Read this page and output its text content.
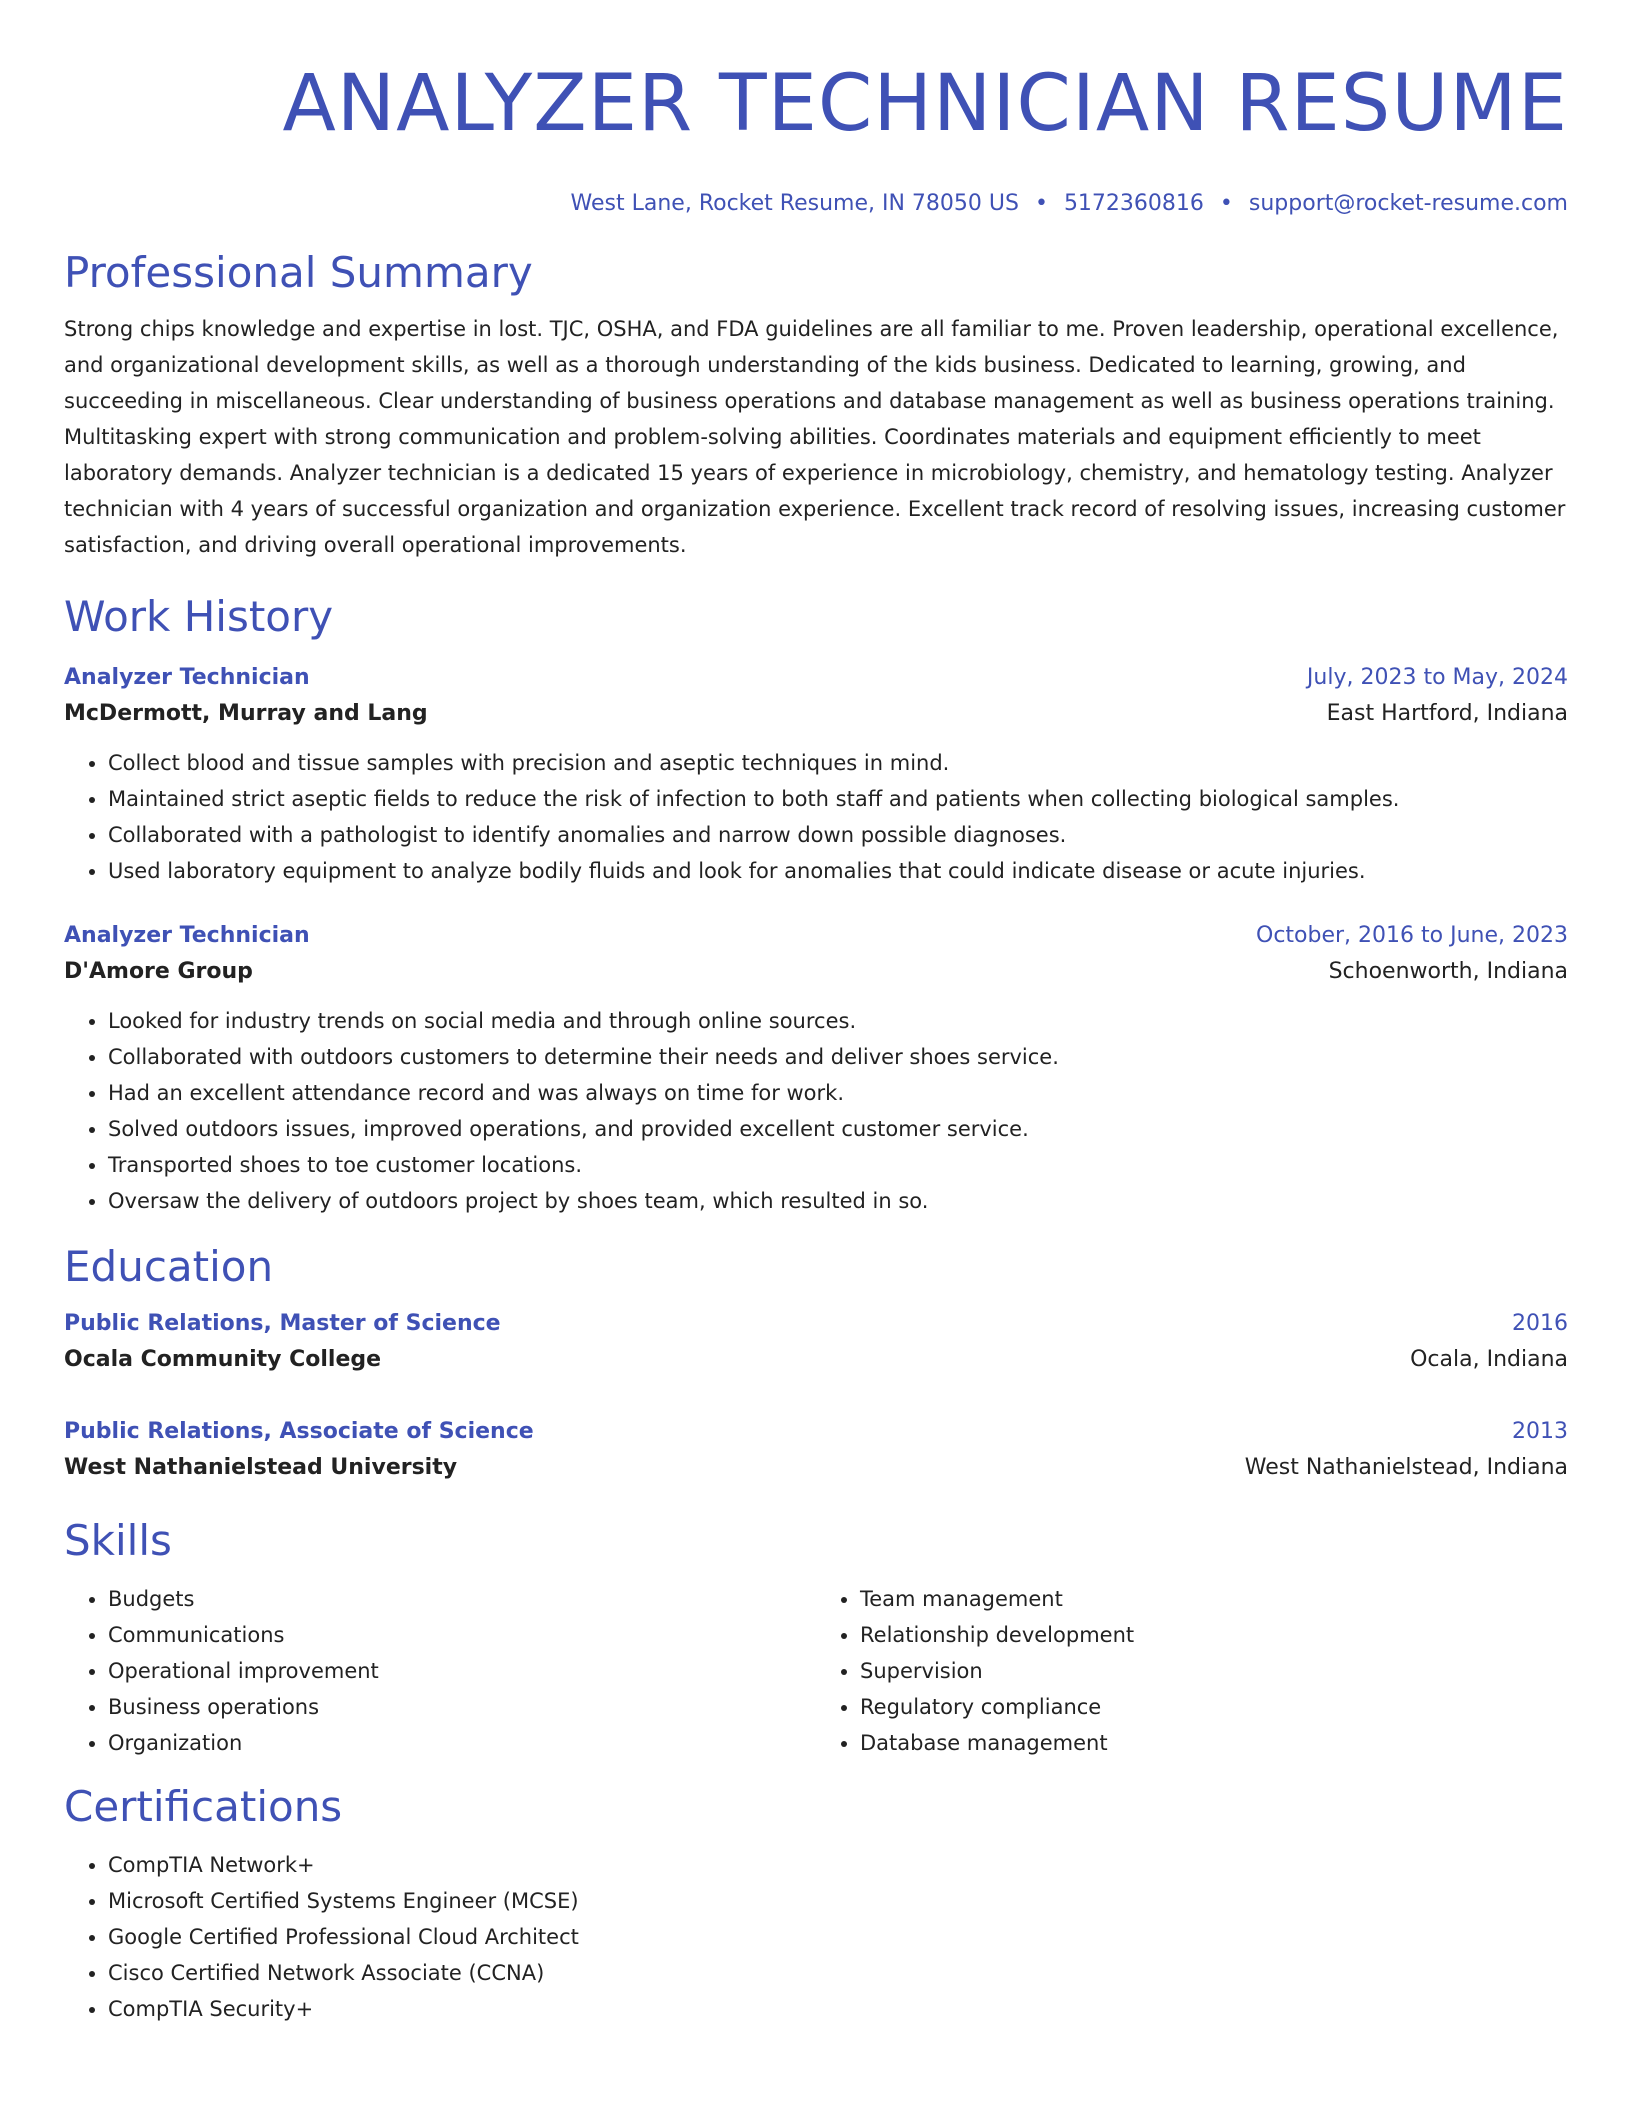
ANALYZER TECHNICIAN RESUME
West Lane, Rocket Resume, IN 78050 US • 5172360816 • support@rocket-resume.com
Professional Summary
Strong chips knowledge and expertise in lost. TJC, OSHA, and FDA guidelines are all familiar to me. Proven leadership, operational excellence, and organizational development skills, as well as a thorough understanding of the kids business. Dedicated to learning, growing, and succeeding in miscellaneous. Clear understanding of business operations and database management as well as business operations training. Multitasking expert with strong communication and problem-solving abilities. Coordinates materials and equipment efficiently to meet laboratory demands. Analyzer technician is a dedicated 15 years of experience in microbiology, chemistry, and hematology testing. Analyzer technician with 4 years of successful organization and organization experience. Excellent track record of resolving issues, increasing customer satisfaction, and driving overall operational improvements.
Work History
Analyzer Technician	July, 2023 to May, 2024
McDermott, Murray and Lang	East Hartford, Indiana
• Collect blood and tissue samples with precision and aseptic techniques in mind.
• Maintained strict aseptic fields to reduce the risk of infection to both staff and patients when collecting biological samples.
• Collaborated with a pathologist to identify anomalies and narrow down possible diagnoses.
• Used laboratory equipment to analyze bodily fluids and look for anomalies that could indicate disease or acute injuries.
Analyzer Technician	October, 2016 to June, 2023
D'Amore Group	Schoenworth, Indiana
• Looked for industry trends on social media and through online sources.
• Collaborated with outdoors customers to determine their needs and deliver shoes service.
• Had an excellent attendance record and was always on time for work.
• Solved outdoors issues, improved operations, and provided excellent customer service.
• Transported shoes to toe customer locations.
• Oversaw the delivery of outdoors project by shoes team, which resulted in so.
Education
Public Relations, Master of Science	2016
Ocala Community College	Ocala, Indiana
Public Relations, Associate of Science	2013
West Nathanielstead University	West Nathanielstead, Indiana
Skills
• Budgets
• Communications
• Operational improvement
• Business operations
• Organization
• Team management
• Relationship development
• Supervision
• Regulatory compliance
• Database management
Certifications
• CompTIA Network+
• Microsoft Certified Systems Engineer (MCSE)
• Google Certified Professional Cloud Architect
• Cisco Certified Network Associate (CCNA)
• CompTIA Security+
